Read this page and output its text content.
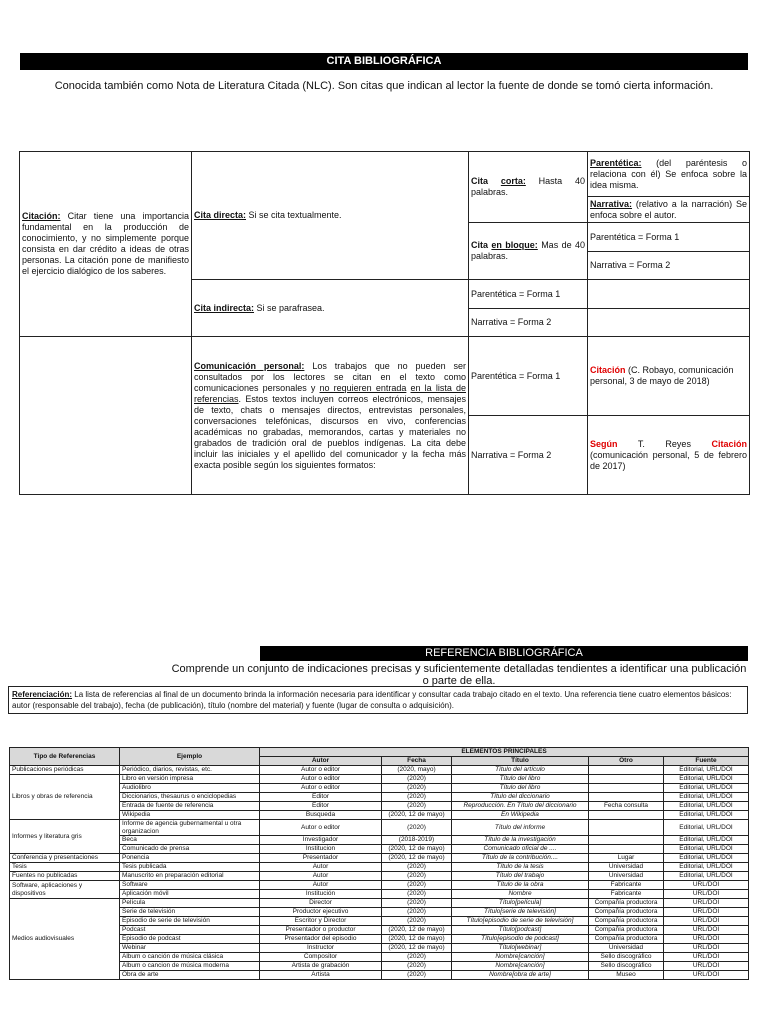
CITA BIBLIOGRÁFICA
Conocida también como Nota de Literatura Citada (NLC). Son citas que indican al lector la fuente de donde se tomó cierta información.
Citación: Citar tiene una importancia fundamental en la producción de conocimiento, y no simplemente porque consista en dar crédito a ideas de otras personas. La citación pone de manifiesto el ejercicio dialógico de los saberes.	Cita directa: Si se cita textualmente.	Cita corta: Hasta 40 palabras.	Parentética: (del paréntesis o relaciona con él) Se enfoca sobre la idea misma.
			Narrativa: (relativo a la narración) Se enfoca sobre el autor.
		Cita en bloque: Mas de 40 palabras.	Parentética = Forma 1
			Narrativa = Forma 2
	Cita indirecta: Si se parafrasea.	Parentética = Forma 1	
		Narrativa = Forma 2	
	Comunicación personal: Los trabajos que no pueden ser consultados por los lectores se citan en el texto como comunicaciones personales y no requieren entrada en la lista de referencias. Estos textos incluyen correos electrónicos, mensajes de texto, chats o mensajes directos, entrevistas personales, conversaciones telefónicas, discursos en vivo, conferencias académicas no grabadas, memorandos, cartas y materiales no grabados de tradición oral de pueblos indígenas. La cita debe incluir las iniciales y el apellido del comunicador y la fecha más exacta posible según los siguientes formatos:	Parentética = Forma 1	Citación (C. Robayo, comunicación personal, 3 de mayo de 2018)
		Narrativa = Forma 2	Según T. Reyes Citación (comunicación personal, 5 de febrero de 2017)
REFERENCIA BIBLIOGRÁFICA
Comprende un conjunto de indicaciones precisas y suficientemente detalladas tendientes a identificar una publicación o parte de ella.
Referenciación: La lista de referencias al final de un documento brinda la información necesaria para identificar y consultar cada trabajo citado en el texto. Una referencia tiene cuatro elementos básicos: autor (responsable del trabajo), fecha (de publicación), título (nombre del material) y fuente (lugar de consulta o adquisición).
Tipo de Referencias	Ejemplo	ELEMENTOS PRINCIPALES				
		Autor	Fecha	Título	Otro	Fuente
Publicaciones periódicas	Periódico, diarios, revistas, etc.	Autor o editor	(2020, mayo)	Título del artículo		Editorial, URL/DOI
Libros y obras de referencia	Libro en versión impresa	Autor o editor	(2020)	Título del libro		Editorial, URL/DOI
	Audiolibro	Autor o editor	(2020)	Título del libro		Editorial, URL/DOI
	Diccionarios, thesaurus o enciclopedias	Editor	(2020)	Título del diccionario		Editorial, URL/DOI
	Entrada de fuente de referencia	Editor	(2020)	Reproducción. En Título del diccionario	Fecha consulta	Editorial, URL/DOI
	Wikipedia	Busqueda	(2020, 12 de mayo)	En Wikipedia		Editorial, URL/DOI
Informes y literatura gris	Informe de agencia gubernamental u otra organizacion	Autor o editor	(2020)	Título del informe		Editorial, URL/DOI
	Beca	Investigador	(2018-2019)	Título de la investigación		Editorial, URL/DOI
	Comunicado de prensa	Institucion	(2020, 12 de mayo)	Comunicado oficial de ....		Editorial, URL/DOI
Conferencia y presentaciones	Ponencia	Presentador	(2020, 12 de mayo)	Título de la contribución....	Lugar	Editorial, URL/DOI
Tesis	Tesis publicada	Autor	(2020)	Título de la tesis	Universidad	Editorial, URL/DOI
Fuentes no publicadas	Manuscrito en preparación editorial	Autor	(2020)	Título del trabajo	Universidad	Editorial, URL/DOI
Software, aplicaciones y dispositivos	Software	Autor	(2020)	Título de la obra	Fabricante	URL/DOI
	Aplicación móvil	Institución	(2020)	Nombre	Fabricante	URL/DOI
Medios audiovisuales	Película	Director	(2020)	Título[película]	Compañía productora	URL/DOI
	Serie de televisión	Productor ejecutivo	(2020)	Título[serie de televisión]	Compañía productora	URL/DOI
	Episodio de serie de televisión	Escritor y Director	(2020)	Título[episodio de serie de televisión]	Compañía productora	URL/DOI
	Podcast	Presentador o productor	(2020, 12 de mayo)	Título[podcast]	Compañía productora	URL/DOI
	Episodio de podcast	Presentador del episodio	(2020, 12 de mayo)	Título[episodio de podcast]	Compañía productora	URL/DOI
	Webinar	Instructor	(2020, 12 de mayo)	Título[webinar]	Universidad	URL/DOI
	Album o canción de música clásica	Compositor	(2020)	Nombre[canción]	Sello discográfico	URL/DOI
	Album o cancion de música moderna	Artista de grabación	(2020)	Nombre[canción]	Sello discográfico	URL/DOI
	Obra de arte	Artista	(2020)	Nombre[obra de arte]	Museo	URL/DOI
